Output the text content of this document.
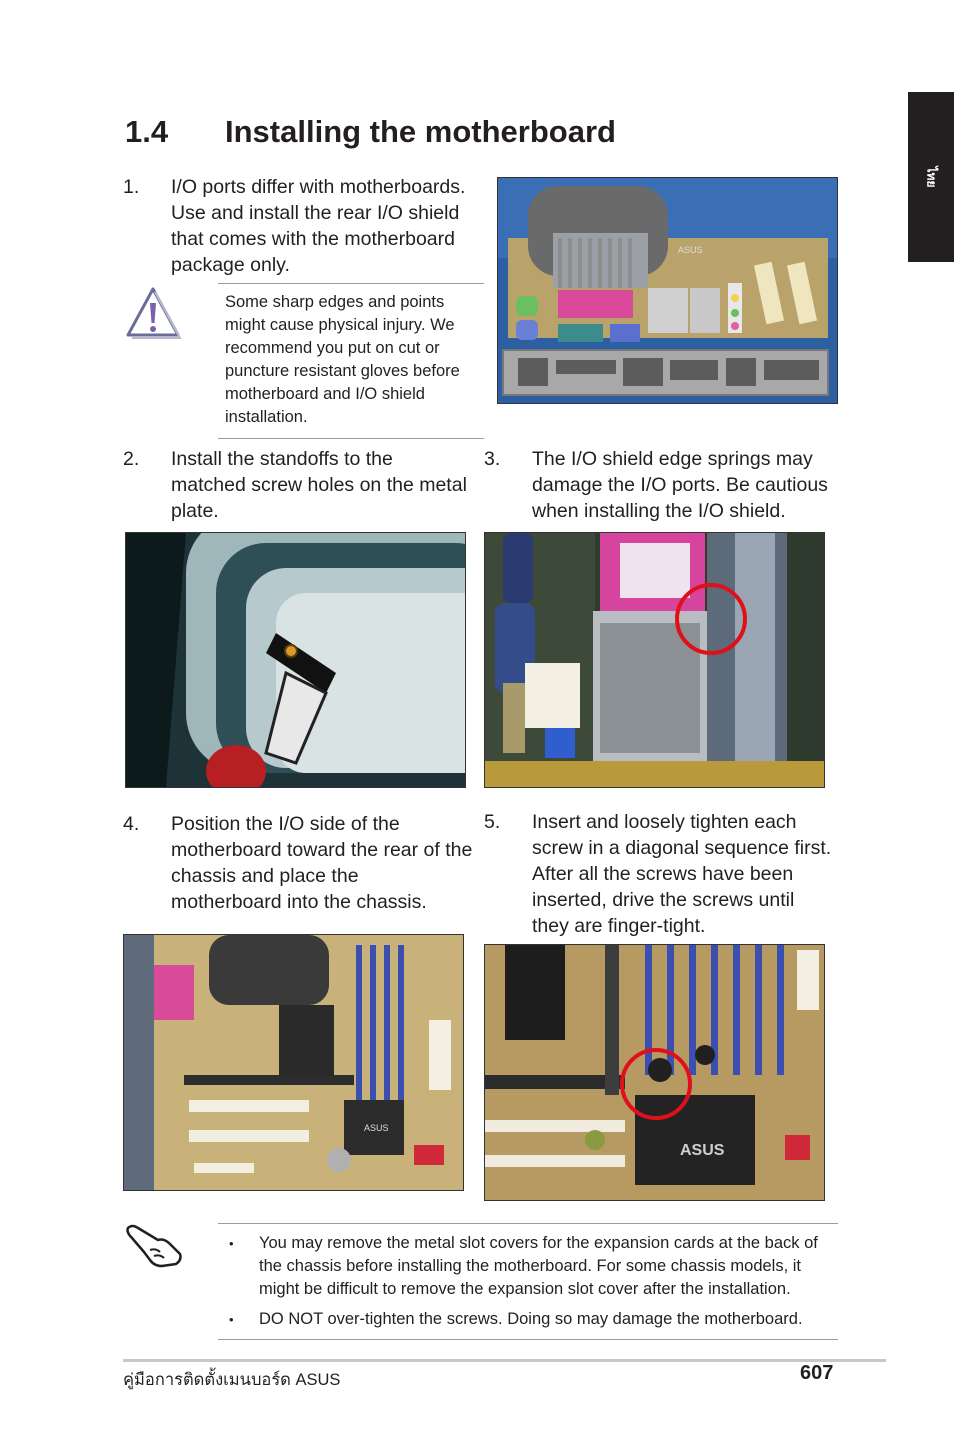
ไทย
1.4 Installing the motherboard
1. I/O ports differ with motherboards. Use and install the rear I/O shield that comes with the motherboard package only.
Some sharp edges and points might cause physical injury. We recommend you put on cut or puncture resistant gloves before motherboard and I/O shield installation.
ASUS
2. Install the standoffs to the matched screw holes on the metal plate.
3. The I/O shield edge springs may damage the I/O ports. Be cautious when installing the I/O shield.
4. Position the I/O side of the motherboard toward the rear of the chassis and place the motherboard into the chassis.
5. Insert and loosely tighten each screw in a diagonal sequence first. After all the screws have been inserted, drive the screws until they are finger-tight.
ASUS
ASUS
• You may remove the metal slot covers for the expansion cards at the back of the chassis before installing the motherboard. For some chassis models, it might be difficult to remove the expansion slot cover after the installation.
• DO NOT over-tighten the screws. Doing so may damage the motherboard.
คู่มือการติดตั้งเมนบอร์ด ASUS	607
